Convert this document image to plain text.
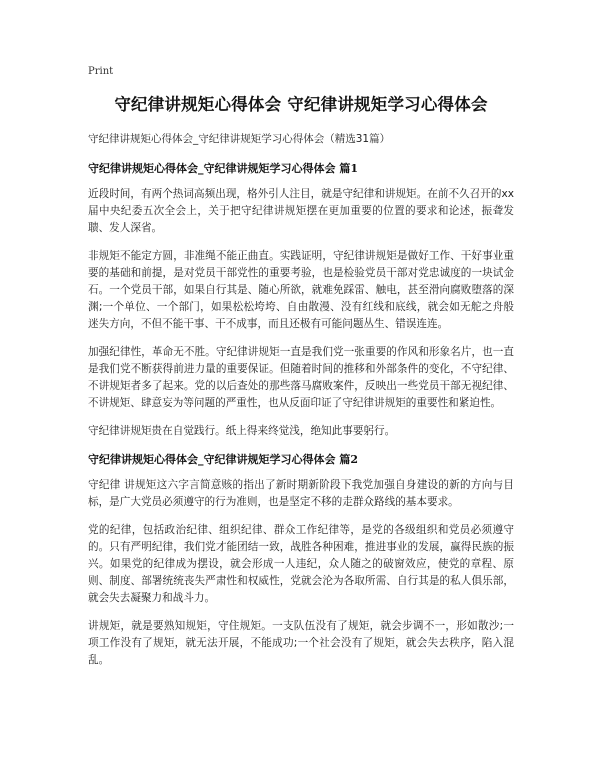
Print
守纪律讲规矩心得体会 守纪律讲规矩学习心得体会

守纪律讲规矩心得体会_守纪律讲规矩学习心得体会（精选31篇）

守纪律讲规矩心得体会_守纪律讲规矩学习心得体会 篇1

近段时间，有两个热词高频出现，格外引人注目，就是守纪律和讲规矩。在前不久召开的xx届中央纪委五次全会上，关于把守纪律讲规矩摆在更加重要的位置的要求和论述，振聋发聩、发人深省。

非规矩不能定方圆，非准绳不能正曲直。实践证明，守纪律讲规矩是做好工作、干好事业重要的基础和前提，是对党员干部党性的重要考验，也是检验党员干部对党忠诚度的一块试金石。一个党员干部，如果自行其是、随心所欲，就难免踩雷、触电，甚至滑向腐败堕落的深渊;一个单位、一个部门，如果松松垮垮、自由散漫、没有红线和底线，就会如无舵之舟般迷失方向，不但不能干事、干不成事，而且还极有可能问题丛生、错误连连。

加强纪律性，革命无不胜。守纪律讲规矩一直是我们党一张重要的作风和形象名片，也一直是我们党不断获得前进力量的重要保证。但随着时间的推移和外部条件的变化，不守纪律、不讲规矩者多了起来。党的以后查处的那些落马腐败案件，反映出一些党员干部无视纪律、不讲规矩、肆意妄为等问题的严重性，也从反面印证了守纪律讲规矩的重要性和紧迫性。

守纪律讲规矩贵在自觉践行。纸上得来终觉浅，绝知此事要躬行。

守纪律讲规矩心得体会_守纪律讲规矩学习心得体会 篇2

守纪律 讲规矩这六字言简意赅的指出了新时期新阶段下我党加强自身建设的新的方向与目标，是广大党员必须遵守的行为准则，也是坚定不移的走群众路线的基本要求。

党的纪律，包括政治纪律、组织纪律、群众工作纪律等，是党的各级组织和党员必须遵守的。只有严明纪律，我们党才能团结一致，战胜各种困难，推进事业的发展，赢得民族的振兴。如果党的纪律成为摆设，就会形成一人违纪，众人随之的破窗效应，使党的章程、原则、制度、部署统统丧失严肃性和权威性，党就会沦为各取所需、自行其是的私人俱乐部，就会失去凝聚力和战斗力。

讲规矩，就是要熟知规矩，守住规矩。一支队伍没有了规矩，就会步调不一，形如散沙;一项工作没有了规矩，就无法开展，不能成功;一个社会没有了规矩，就会失去秩序，陷入混乱。
